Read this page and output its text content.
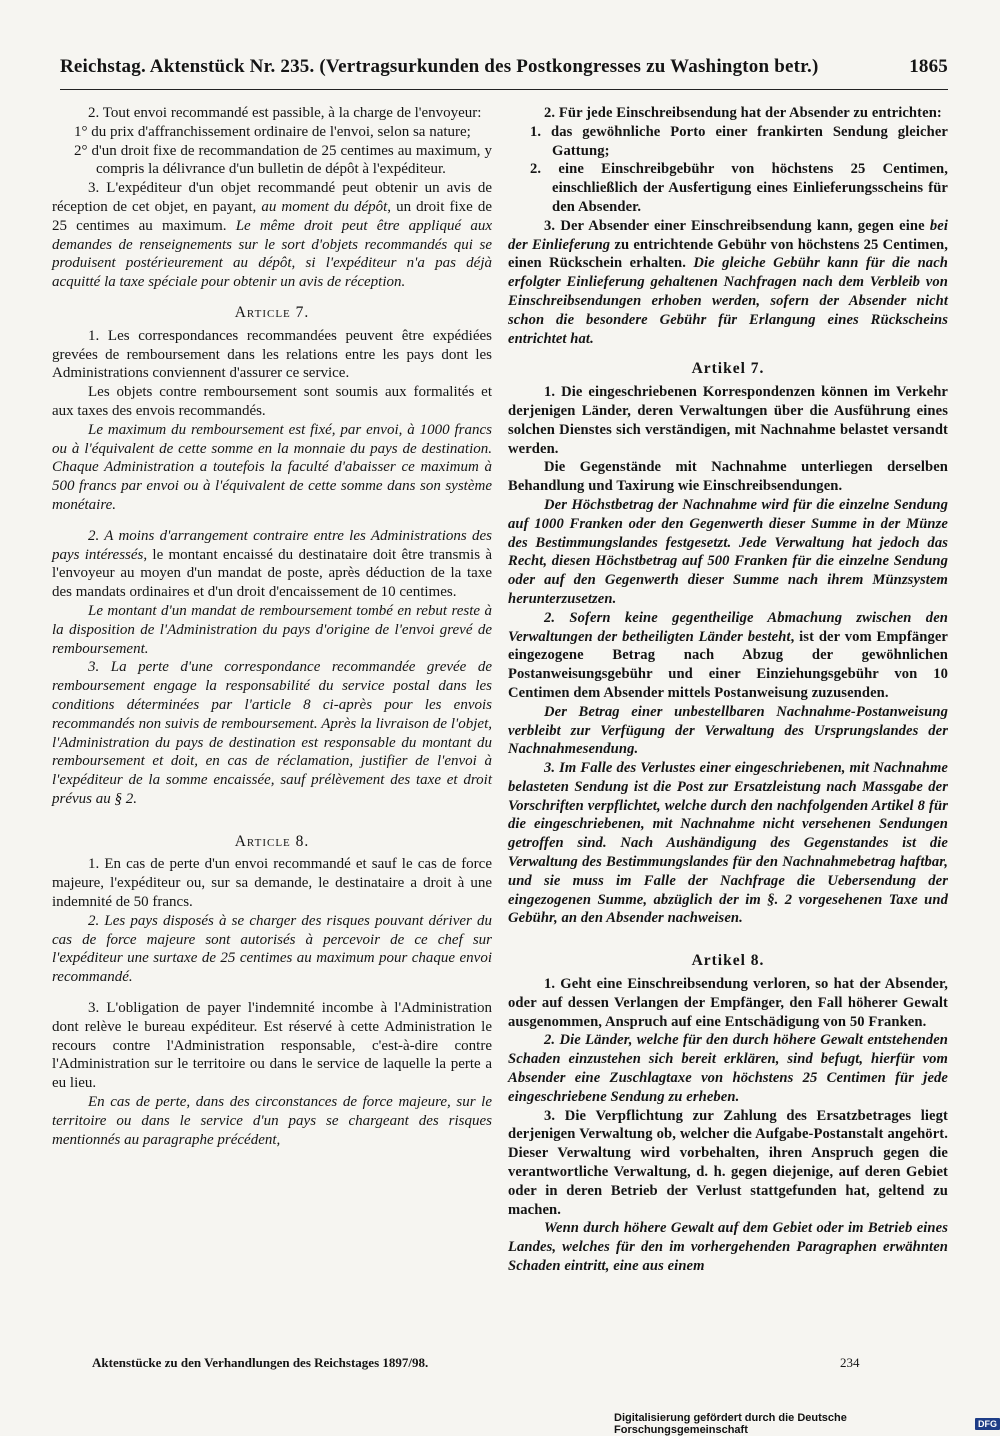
Reichstag. Aktenstück Nr. 235. (Vertragsurkunden des Postkongresses zu Washington betr.)	1865

2. Tout envoi recommandé est passible, à la charge de l'envoyeur:

1° du prix d'affranchissement ordinaire de l'envoi, selon sa nature;

2° d'un droit fixe de recommandation de 25 centimes au maximum, y compris la délivrance d'un bulletin de dépôt à l'expéditeur.

3. L'expéditeur d'un objet recommandé peut obtenir un avis de réception de cet objet, en payant, au moment du dépôt, un droit fixe de 25 centimes au maximum. Le même droit peut être appliqué aux demandes de renseignements sur le sort d'objets recommandés qui se produisent postérieurement au dépôt, si l'expéditeur n'a pas déjà acquitté la taxe spéciale pour obtenir un avis de réception.

Article 7.

1. Les correspondances recommandées peuvent être expédiées grevées de remboursement dans les relations entre les pays dont les Administrations conviennent d'assurer ce service.

Les objets contre remboursement sont soumis aux formalités et aux taxes des envois recommandés.

Le maximum du remboursement est fixé, par envoi, à 1000 francs ou à l'équivalent de cette somme en la monnaie du pays de destination. Chaque Administration a toutefois la faculté d'abaisser ce maximum à 500 francs par envoi ou à l'équivalent de cette somme dans son système monétaire.

2. A moins d'arrangement contraire entre les Administrations des pays intéressés, le montant encaissé du destinataire doit être transmis à l'envoyeur au moyen d'un mandat de poste, après déduction de la taxe des mandats ordinaires et d'un droit d'encaissement de 10 centimes.

Le montant d'un mandat de remboursement tombé en rebut reste à la disposition de l'Administration du pays d'origine de l'envoi grevé de remboursement.

3. La perte d'une correspondance recommandée grevée de remboursement engage la responsabilité du service postal dans les conditions déterminées par l'article 8 ci-après pour les envois recommandés non suivis de remboursement. Après la livraison de l'objet, l'Administration du pays de destination est responsable du montant du remboursement et doit, en cas de réclamation, justifier de l'envoi à l'expéditeur de la somme encaissée, sauf prélèvement des taxe et droit prévus au § 2.

Article 8.

1. En cas de perte d'un envoi recommandé et sauf le cas de force majeure, l'expéditeur ou, sur sa demande, le destinataire a droit à une indemnité de 50 francs.

2. Les pays disposés à se charger des risques pouvant dériver du cas de force majeure sont autorisés à percevoir de ce chef sur l'expéditeur une surtaxe de 25 centimes au maximum pour chaque envoi recommandé.

3. L'obligation de payer l'indemnité incombe à l'Administration dont relève le bureau expéditeur. Est réservé à cette Administration le recours contre l'Administration responsable, c'est-à-dire contre l'Administration sur le territoire ou dans le service de laquelle la perte a eu lieu.

En cas de perte, dans des circonstances de force majeure, sur le territoire ou dans le service d'un pays se chargeant des risques mentionnés au paragraphe précédent,

2. Für jede Einschreibsendung hat der Absender zu entrichten:

1. das gewöhnliche Porto einer frankirten Sendung gleicher Gattung;

2. eine Einschreibgebühr von höchstens 25 Centimen, einschließlich der Ausfertigung eines Einlieferungsscheins für den Absender.

3. Der Absender einer Einschreibsendung kann, gegen eine bei der Einlieferung zu entrichtende Gebühr von höchstens 25 Centimen, einen Rückschein erhalten. Die gleiche Gebühr kann für die nach erfolgter Einlieferung gehaltenen Nachfragen nach dem Verbleib von Einschreibsendungen erhoben werden, sofern der Absender nicht schon die besondere Gebühr für Erlangung eines Rückscheins entrichtet hat.

Artikel 7.

1. Die eingeschriebenen Korrespondenzen können im Verkehr derjenigen Länder, deren Verwaltungen über die Ausführung eines solchen Dienstes sich verständigen, mit Nachnahme belastet versandt werden.

Die Gegenstände mit Nachnahme unterliegen derselben Behandlung und Taxirung wie Einschreibsendungen.

Der Höchstbetrag der Nachnahme wird für die einzelne Sendung auf 1000 Franken oder den Gegenwerth dieser Summe in der Münze des Bestimmungslandes festgesetzt. Jede Verwaltung hat jedoch das Recht, diesen Höchstbetrag auf 500 Franken für die einzelne Sendung oder auf den Gegenwerth dieser Summe nach ihrem Münzsystem herunterzusetzen.

2. Sofern keine gegentheilige Abmachung zwischen den Verwaltungen der betheiligten Länder besteht, ist der vom Empfänger eingezogene Betrag nach Abzug der gewöhnlichen Postanweisungsgebühr und einer Einziehungsgebühr von 10 Centimen dem Absender mittels Postanweisung zuzusenden.

Der Betrag einer unbestellbaren Nachnahme-Postanweisung verbleibt zur Verfügung der Verwaltung des Ursprungslandes der Nachnahmesendung.

3. Im Falle des Verlustes einer eingeschriebenen, mit Nachnahme belasteten Sendung ist die Post zur Ersatzleistung nach Massgabe der Vorschriften verpflichtet, welche durch den nachfolgenden Artikel 8 für die eingeschriebenen, mit Nachnahme nicht versehenen Sendungen getroffen sind. Nach Aushändigung des Gegenstandes ist die Verwaltung des Bestimmungslandes für den Nachnahmebetrag haftbar, und sie muss im Falle der Nachfrage die Uebersendung der eingezogenen Summe, abzüglich der im §. 2 vorgesehenen Taxe und Gebühr, an den Absender nachweisen.

Artikel 8.

1. Geht eine Einschreibsendung verloren, so hat der Absender, oder auf dessen Verlangen der Empfänger, den Fall höherer Gewalt ausgenommen, Anspruch auf eine Entschädigung von 50 Franken.

2. Die Länder, welche für den durch höhere Gewalt entstehenden Schaden einzustehen sich bereit erklären, sind befugt, hierfür vom Absender eine Zuschlagtaxe von höchstens 25 Centimen für jede eingeschriebene Sendung zu erheben.

3. Die Verpflichtung zur Zahlung des Ersatzbetrages liegt derjenigen Verwaltung ob, welcher die Aufgabe-Postanstalt angehört. Dieser Verwaltung wird vorbehalten, ihren Anspruch gegen die verantwortliche Verwaltung, d. h. gegen diejenige, auf deren Gebiet oder in deren Betrieb der Verlust stattgefunden hat, geltend zu machen.

Wenn durch höhere Gewalt auf dem Gebiet oder im Betrieb eines Landes, welches für den im vorhergehenden Paragraphen erwähnten Schaden eintritt, eine aus einem

Aktenstücke zu den Verhandlungen des Reichstages 1897/98.	234
Digitalisierung gefördert durch die Deutsche Forschungsgemeinschaft	DFG
